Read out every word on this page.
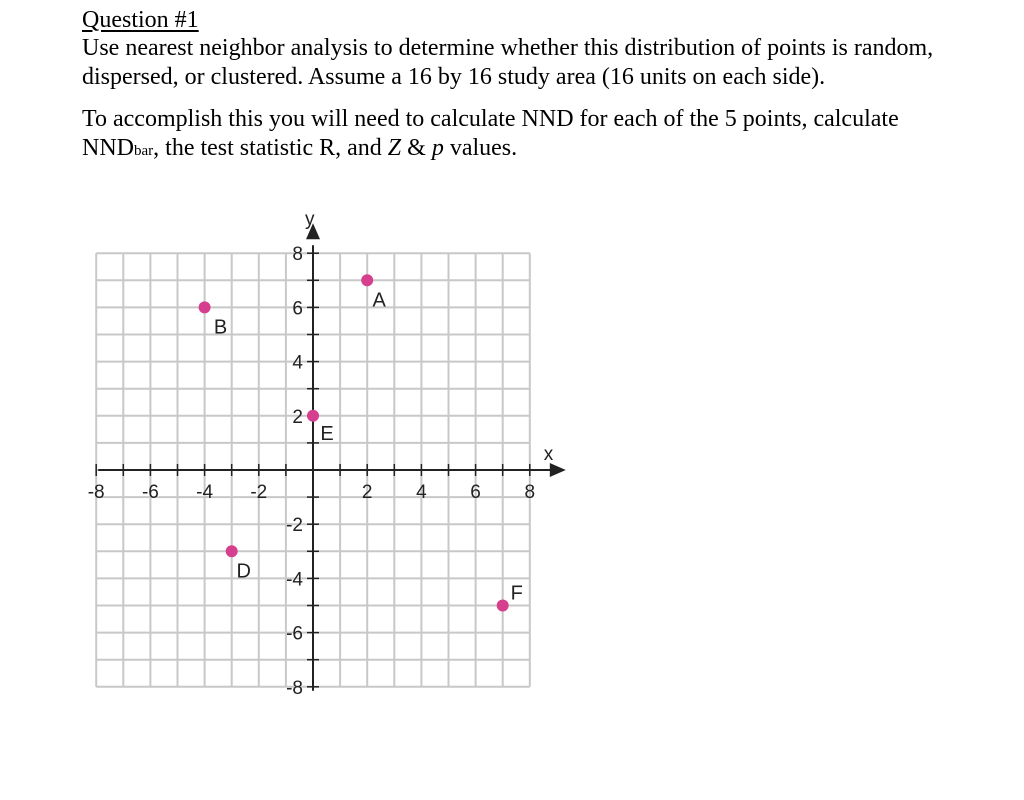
Question #1

Use nearest neighbor analysis to determine whether this distribution of points is random,
dispersed, or clustered. Assume a 16 by 16 study area (16 units on each side).

To accomplish this you will need to calculate NND for each of the 5 points, calculate
NNDbar, the test statistic R, and Z & p values.

x
y
-8 -6 -4 -2	2 4 6 8
8
6
4
2
-2
-4
-6
-8
A
B
E
D
F
